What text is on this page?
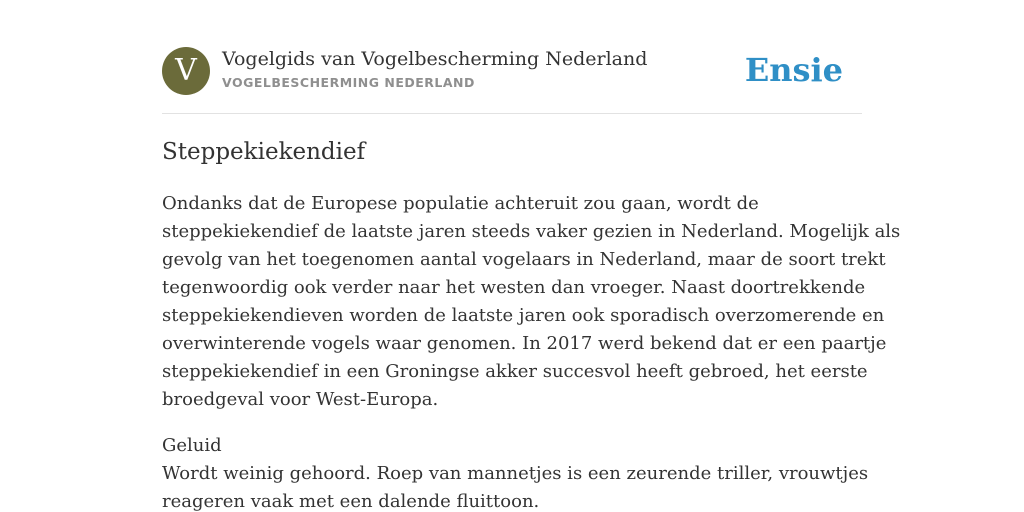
V	Vogelgids van Vogelbescherming Nederland
VOGELBESCHERMING NEDERLAND	Ensie
Steppekiekendief

Ondanks dat de Europese populatie achteruit zou gaan, wordt de
steppekiekendief de laatste jaren steeds vaker gezien in Nederland. Mogelijk als
gevolg van het toegenomen aantal vogelaars in Nederland, maar de soort trekt
tegenwoordig ook verder naar het westen dan vroeger. Naast doortrekkende
steppekiekendieven worden de laatste jaren ook sporadisch overzomerende en
overwinterende vogels waar genomen. In 2017 werd bekend dat er een paartje
steppekiekendief in een Groningse akker succesvol heeft gebroed, het eerste
broedgeval voor West-Europa.

Geluid
Wordt weinig gehoord. Roep van mannetjes is een zeurende triller, vrouwtjes
reageren vaak met een dalende fluittoon.
